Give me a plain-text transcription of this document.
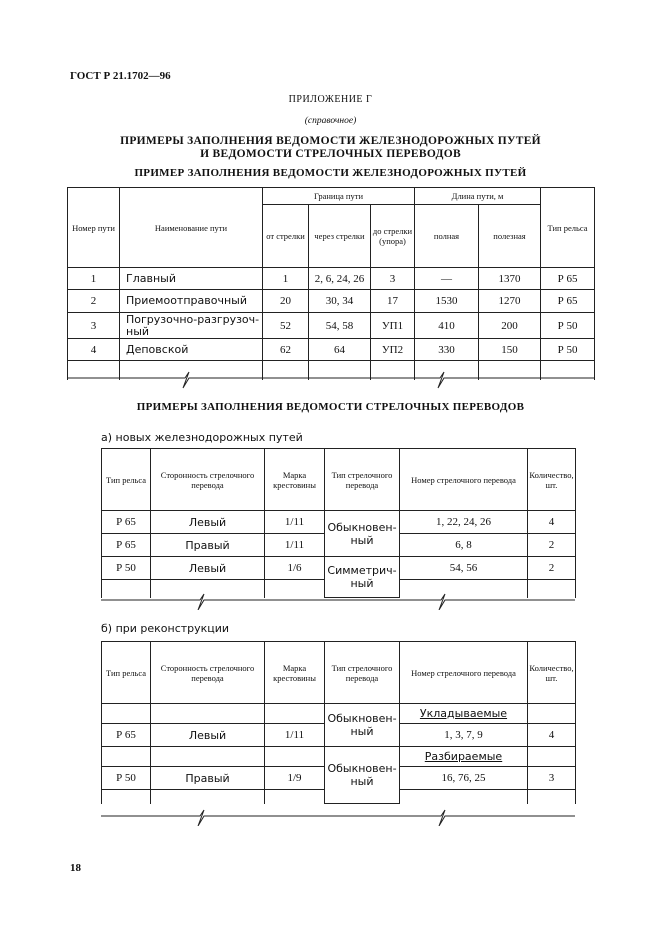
ГОСТ Р 21.1702—96
ПРИЛОЖЕНИЕ Г
(справочное)
ПРИМЕРЫ ЗАПОЛНЕНИЯ ВЕДОМОСТИ ЖЕЛЕЗНОДОРОЖНЫХ ПУТЕЙ
И ВЕДОМОСТИ СТРЕЛОЧНЫХ ПЕРЕВОДОВ
ПРИМЕР ЗАПОЛНЕНИЯ ВЕДОМОСТИ ЖЕЛЕЗНОДОРОЖНЫХ ПУТЕЙ
Номер пути	Наименование пути	Граница пути			Длина пути, м		Тип рельса
		от стрелки	через стрелки	до стрелки (упора)	полная	полезная	
1	Главный	1	2, 6, 24, 26	3	—	1370	Р 65
2	Приемоотправочный	20	30, 34	17	1530	1270	Р 65
3	Погрузочно-разгрузоч-ный	52	54, 58	УП1	410	200	Р 50
4	Деповской	62	64	УП2	330	150	Р 50

ПРИМЕРЫ ЗАПОЛНЕНИЯ ВЕДОМОСТИ СТРЕЛОЧНЫХ ПЕРЕВОДОВ
а) новых железнодорожных путей
Тип рельса	Сторонность стрелочного перевода	Марка крестовины	Тип стрелочного перевода	Номер стрелочного перевода	Количество, шт.
Р 65	Левый	1/11	Обыкновен-ный	1, 22, 24, 26	4
Р 65	Правый	1/11		6, 8	2
Р 50	Левый	1/6	Симметрич-ный	54, 56	2

б) при реконструкции
Тип рельса	Сторонность стрелочного перевода	Марка крестовины	Тип стрелочного перевода	Номер стрелочного перевода	Количество, шт.
			Обыкновен-ный	Укладываемые	
Р 65	Левый	1/11		1, 3, 7, 9	4
			Обыкновен-ный	Разбираемые	
Р 50	Правый	1/9		16, 76, 25	3

18
